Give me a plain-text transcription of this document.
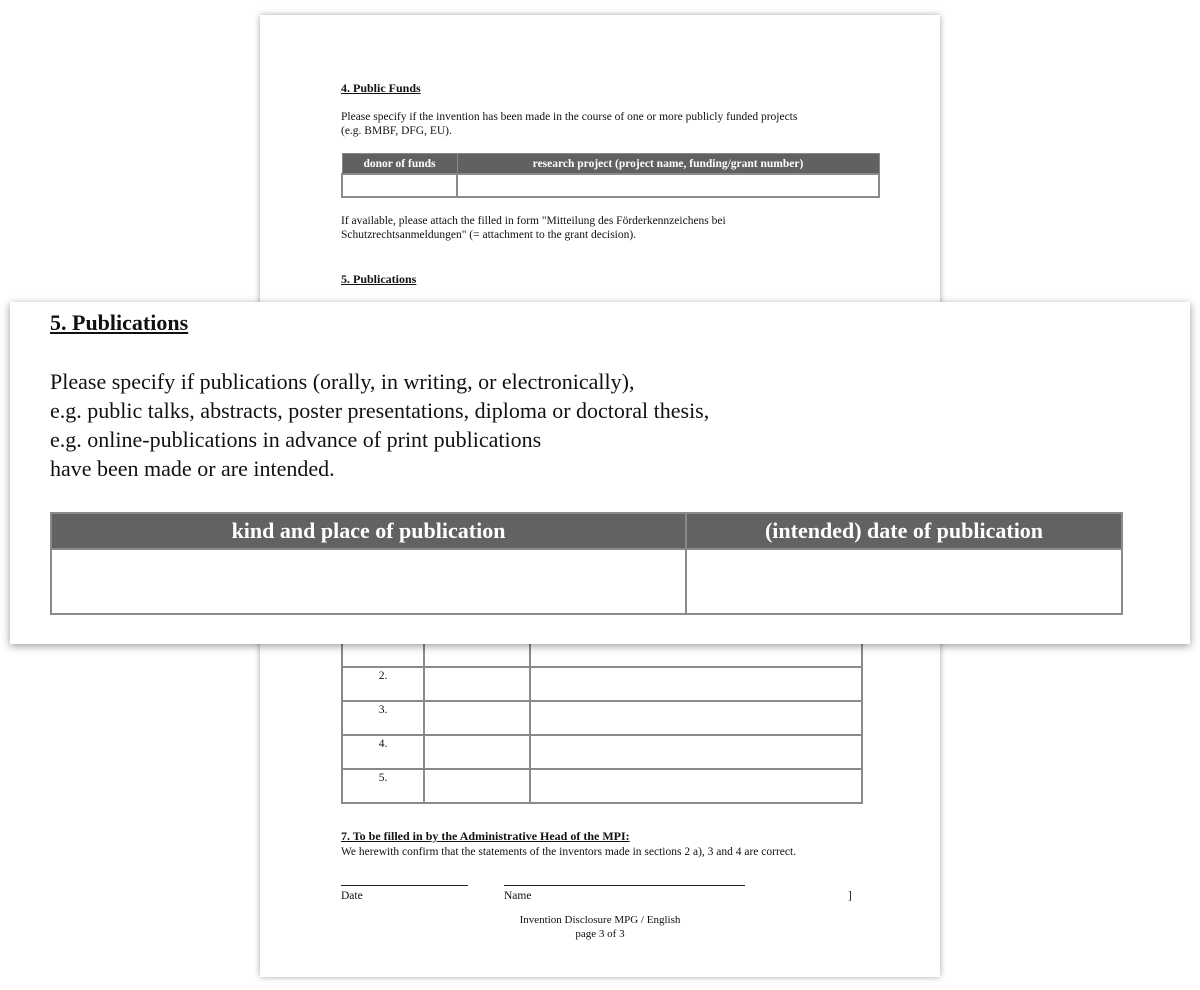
4. Public Funds
Please specify if the invention has been made in the course of one or more publicly funded projects
(e.g. BMBF, DFG, EU).
donor of funds	research project (project name, funding/grant number)

If available, please attach the filled in form "Mitteilung des Förderkennzeichens bei
Schutzrechtsanmeldungen" (= attachment to the grant decision).
5. Publications

2.		
3.		
4.		
5.		
7. To be filled in by the Administrative Head of the MPI:
We herewith confirm that the statements of the inventors made in sections 2 a), 3 and 4 are correct.
Date	Name	]
Invention Disclosure MPG / English
page 3 of 3
5. Publications
Please specify if publications (orally, in writing, or electronically),
e.g. public talks, abstracts, poster presentations, diploma or doctoral thesis,
e.g. online-publications in advance of print publications
have been made or are intended.
kind and place of publication	(intended) date of publication
